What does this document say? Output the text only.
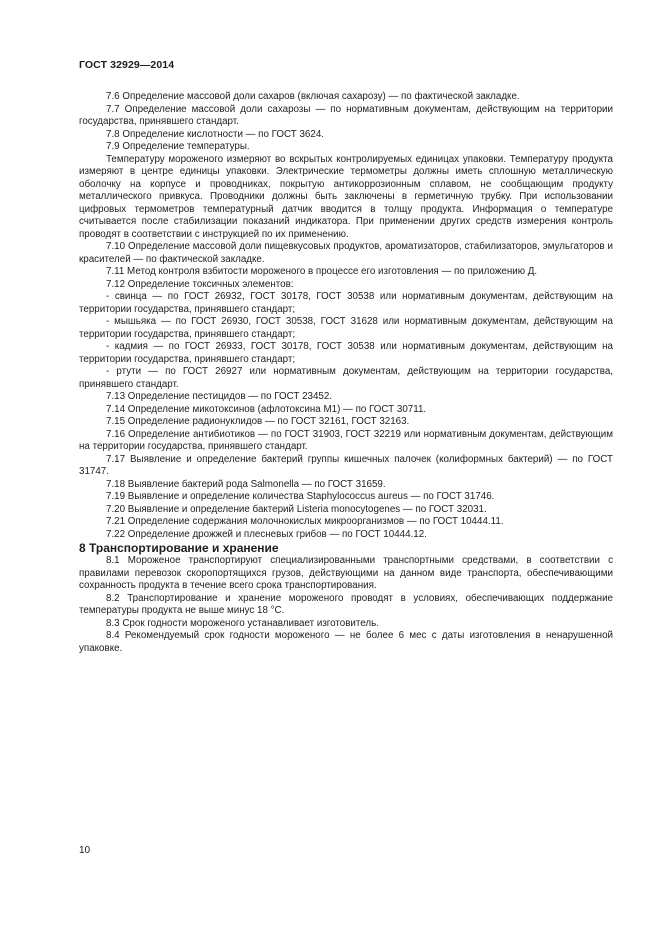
ГОСТ 32929—2014

7.6 Определение массовой доли сахаров (включая сахарозу) — по фактической закладке.

7.7 Определение массовой доли сахарозы — по нормативным документам, действующим на территории государства, принявшего стандарт.

7.8 Определение кислотности — по ГОСТ 3624.

7.9 Определение температуры.

Температуру мороженого измеряют во вскрытых контролируемых единицах упаковки. Температуру продукта измеряют в центре единицы упаковки. Электрические термометры должны иметь сплошную металлическую оболочку на корпусе и проводниках, покрытую антикоррозионным сплавом, не сообщающим продукту металлического привкуса. Проводники должны быть заключены в герметичную трубку. При использовании цифровых термометров температурный датчик вводится в толщу продукта. Информация о температуре считывается после стабилизации показаний индикатора. При применении других средств измерения контроль проводят в соответствии с инструкцией по их применению.

7.10 Определение массовой доли пищевкусовых продуктов, ароматизаторов, стабилизаторов, эмульгаторов и красителей — по фактической закладке.

7.11 Метод контроля взбитости мороженого в процессе его изготовления — по приложению Д.

7.12 Определение токсичных элементов:

- свинца — по ГОСТ 26932, ГОСТ 30178, ГОСТ 30538 или нормативным документам, действующим на территории государства, принявшего стандарт;

- мышьяка — по ГОСТ 26930, ГОСТ 30538, ГОСТ 31628 или нормативным документам, действующим на территории государства, принявшего стандарт;

- кадмия — по ГОСТ 26933, ГОСТ 30178, ГОСТ 30538 или нормативным документам, действующим на территории государства, принявшего стандарт;

- ртути — по ГОСТ 26927 или нормативным документам, действующим на территории государства, принявшего стандарт.

7.13 Определение пестицидов — по ГОСТ 23452.

7.14 Определение микотоксинов (афлотоксина М1) — по ГОСТ 30711.

7.15 Определение радионуклидов — по ГОСТ 32161, ГОСТ 32163.

7.16 Определение антибиотиков — по ГОСТ 31903, ГОСТ 32219 или нормативным документам, действующим на территории государства, принявшего стандарт.

7.17 Выявление и определение бактерий группы кишечных палочек (колиформных бактерий) — по ГОСТ 31747.

7.18 Выявление бактерий рода Salmonella — по ГОСТ 31659.

7.19 Выявление и определение количества Staphylococcus aureus — по ГОСТ 31746.

7.20 Выявление и определение бактерий Listeria monocytogenes — по ГОСТ 32031.

7.21 Определение содержания молочнокислых микроорганизмов — по ГОСТ 10444.11.

7.22 Определение дрожжей и плесневых грибов — по ГОСТ 10444.12.

8 Транспортирование и хранение

8.1 Мороженое транспортируют специализированными транспортными средствами, в соответствии с правилами перевозок скоропортящихся грузов, действующими на данном виде транспорта, обеспечивающими сохранность продукта в течение всего срока транспортирования.

8.2 Транспортирование и хранение мороженого проводят в условиях, обеспечивающих поддержание температуры продукта не выше минус 18 °С.

8.3 Срок годности мороженого устанавливает изготовитель.

8.4 Рекомендуемый срок годности мороженого — не более 6 мес с даты изготовления в ненарушенной упаковке.

10
